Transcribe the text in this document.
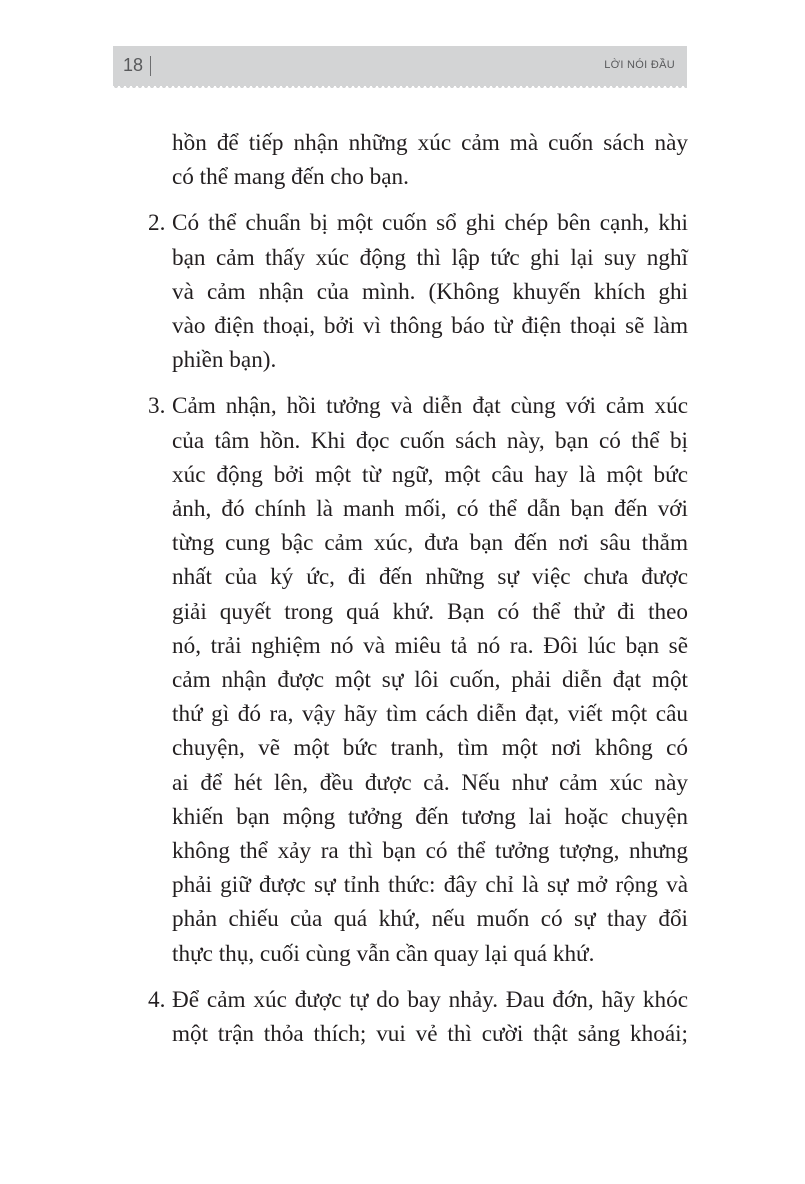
18	LỜI NÓI ĐẦU
hồn để tiếp nhận những xúc cảm mà cuốn sách này
có thể mang đến cho bạn.
2. Có thể chuẩn bị một cuốn sổ ghi chép bên cạnh, khi
bạn cảm thấy xúc động thì lập tức ghi lại suy nghĩ
và cảm nhận của mình. (Không khuyến khích ghi
vào điện thoại, bởi vì thông báo từ điện thoại sẽ làm
phiền bạn).
3. Cảm nhận, hồi tưởng và diễn đạt cùng với cảm xúc
của tâm hồn. Khi đọc cuốn sách này, bạn có thể bị
xúc động bởi một từ ngữ, một câu hay là một bức
ảnh, đó chính là manh mối, có thể dẫn bạn đến với
từng cung bậc cảm xúc, đưa bạn đến nơi sâu thẳm
nhất của ký ức, đi đến những sự việc chưa được
giải quyết trong quá khứ. Bạn có thể thử đi theo
nó, trải nghiệm nó và miêu tả nó ra. Đôi lúc bạn sẽ
cảm nhận được một sự lôi cuốn, phải diễn đạt một
thứ gì đó ra, vậy hãy tìm cách diễn đạt, viết một câu
chuyện, vẽ một bức tranh, tìm một nơi không có
ai để hét lên, đều được cả. Nếu như cảm xúc này
khiến bạn mộng tưởng đến tương lai hoặc chuyện
không thể xảy ra thì bạn có thể tưởng tượng, nhưng
phải giữ được sự tỉnh thức: đây chỉ là sự mở rộng và
phản chiếu của quá khứ, nếu muốn có sự thay đổi
thực thụ, cuối cùng vẫn cần quay lại quá khứ.
4. Để cảm xúc được tự do bay nhảy. Đau đớn, hãy khóc
một trận thỏa thích; vui vẻ thì cười thật sảng khoái;
